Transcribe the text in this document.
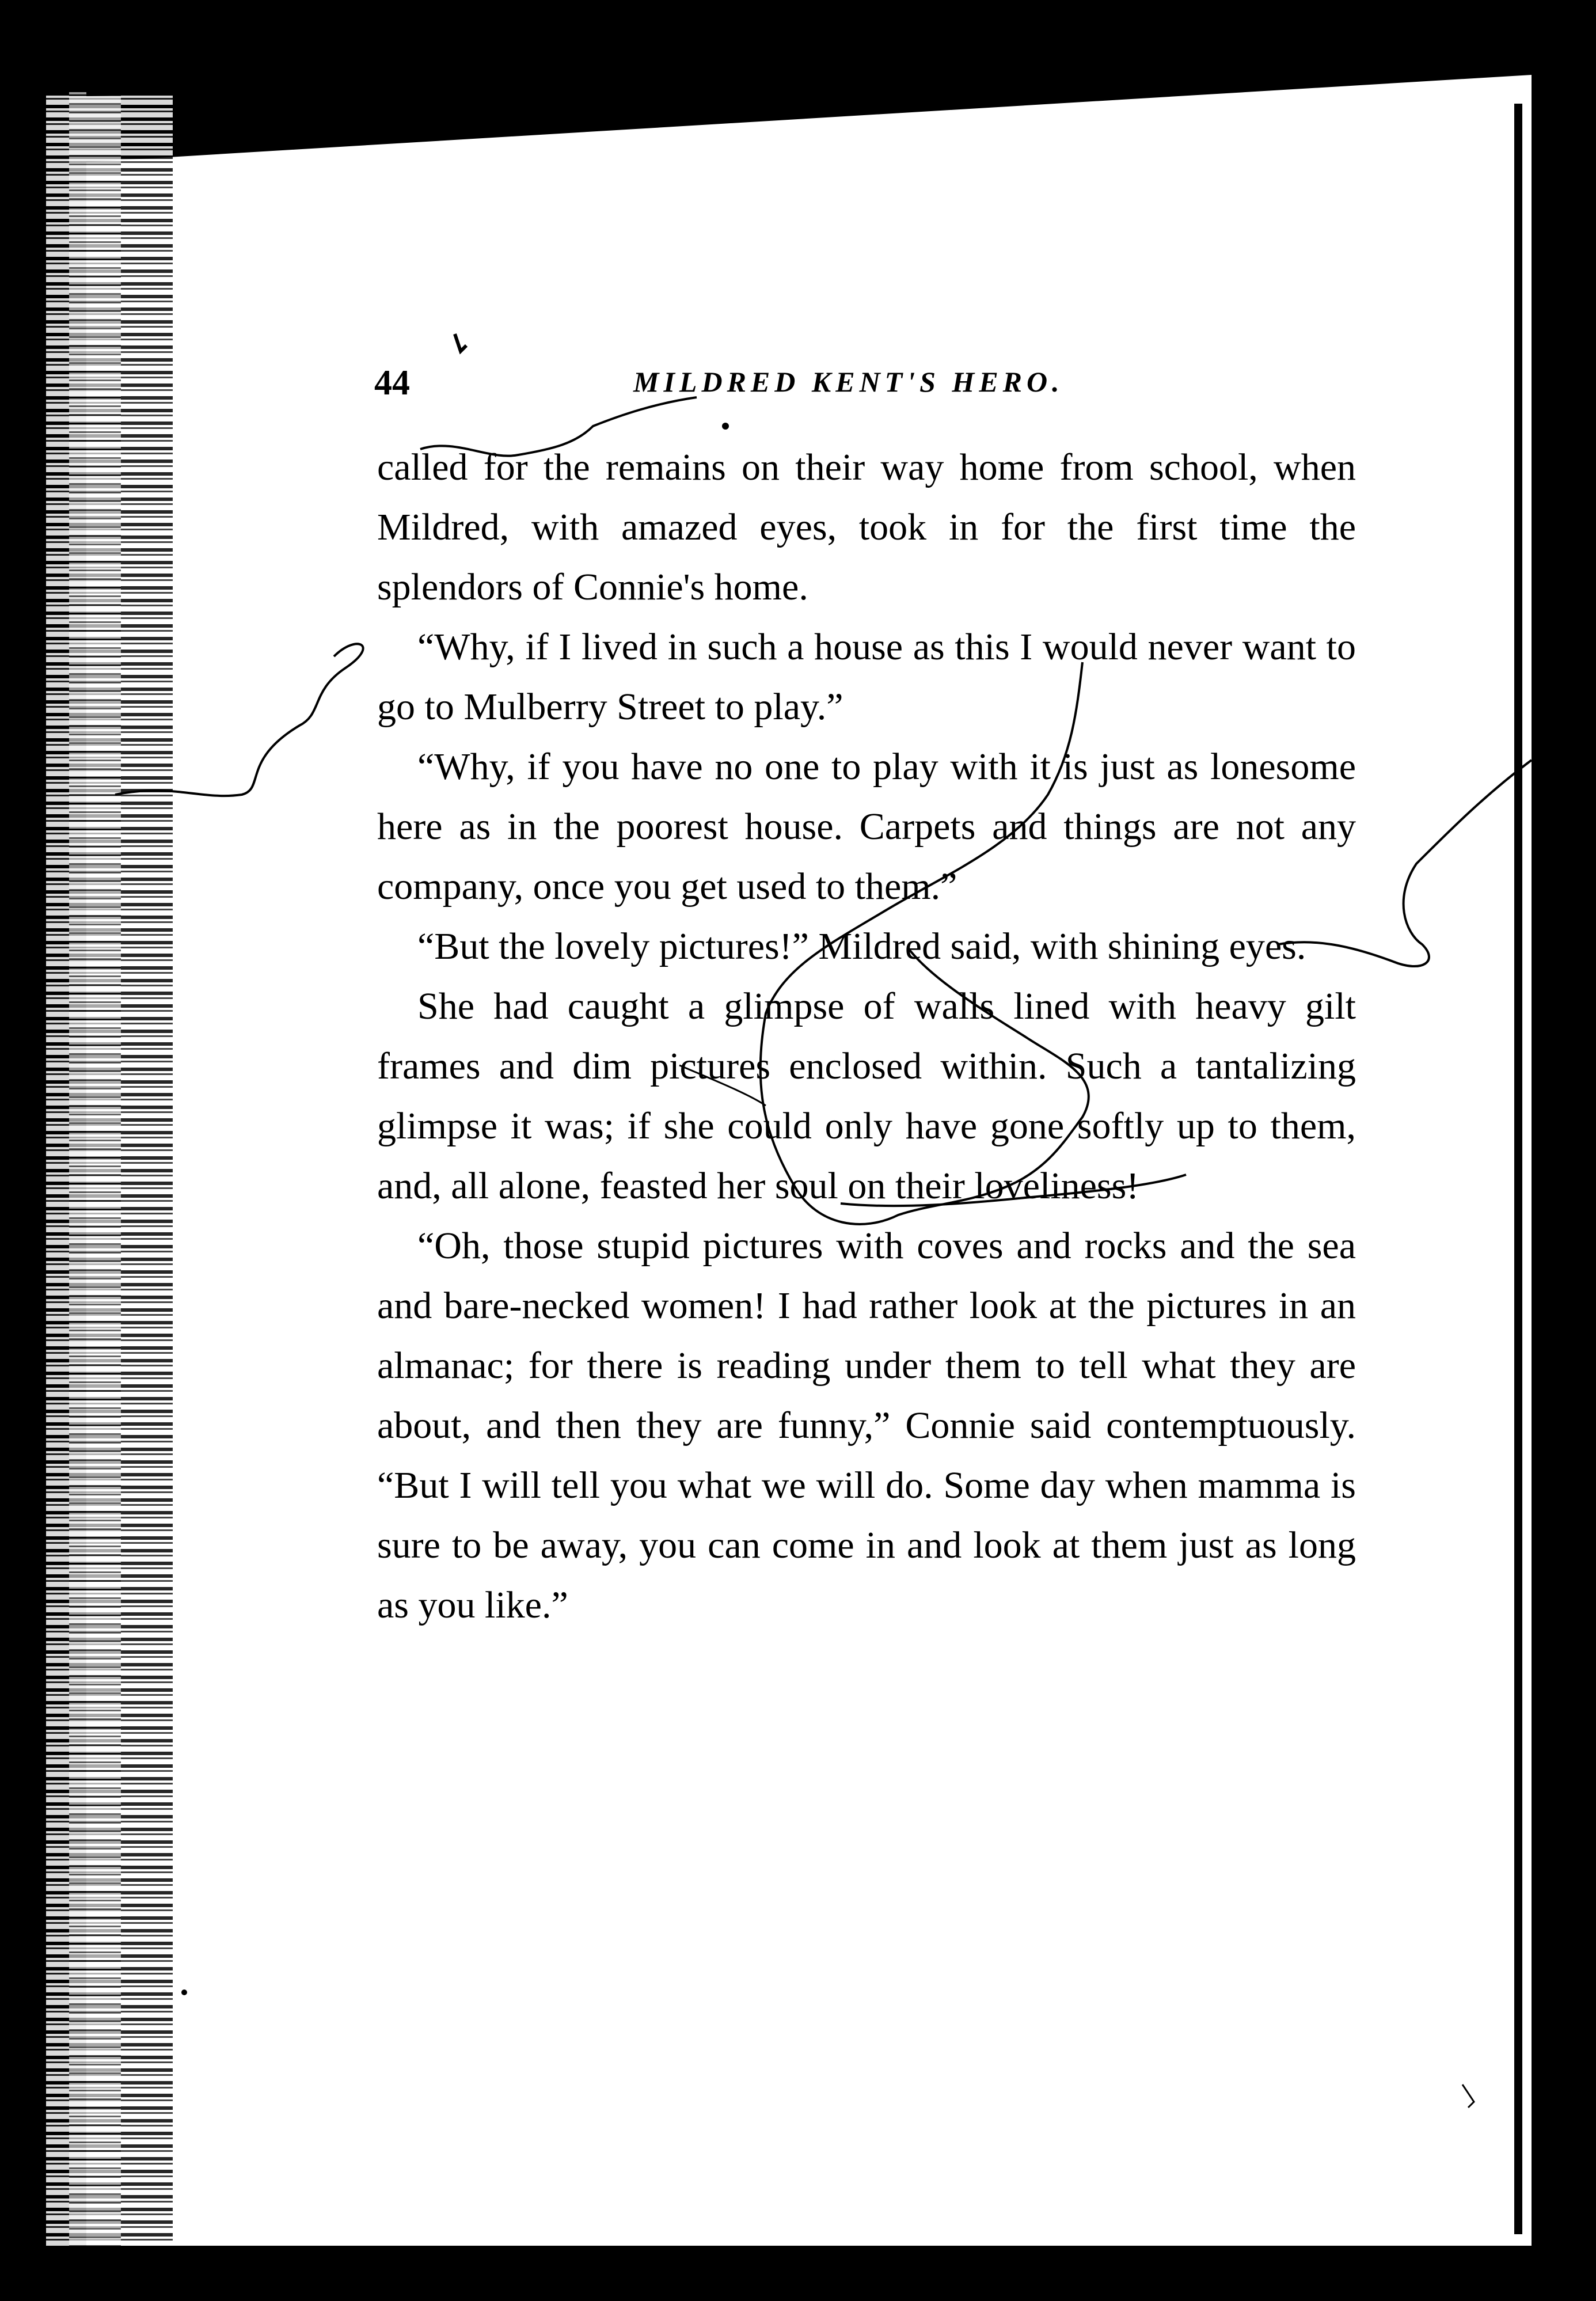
44	MILDRED KENT'S HERO.

called for the remains on their way home from school, when Mildred, with amazed eyes, took in for the first time the splendors of Connie's home.

“Why, if I lived in such a house as this I would never want to go to Mulberry Street to play.”

“Why, if you have no one to play with it is just as lonesome here as in the poorest house. Carpets and things are not any company, once you get used to them.”

“But the lovely pictures!” Mildred said, with shining eyes.

She had caught a glimpse of walls lined with heavy gilt frames and dim pictures enclosed within. Such a tantalizing glimpse it was; if she could only have gone softly up to them, and, all alone, feasted her soul on their loveliness!

“Oh, those stupid pictures with coves and rocks and the sea and bare-necked women! I had rather look at the pictures in an almanac; for there is reading under them to tell what they are about, and then they are funny,” Connie said contemptuously. “But I will tell you what we will do. Some day when mamma is sure to be away, you can come in and look at them just as long as you like.”
